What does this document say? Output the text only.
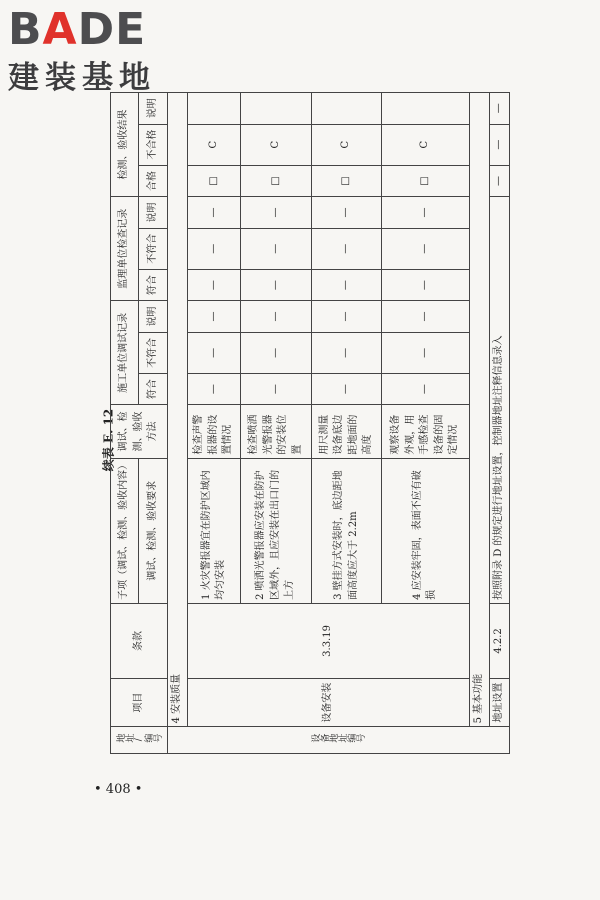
BADE
建装基地
续表 E. 12
地址/编号	项目	条款	子项（调试、检测、验收内容）	调试、检测、验收方法	施工单位调试记录			监理单位检查记录			检测、验收结果		
			调试、检测、验收要求		符合	不符合	说明	符合	不符合	说明	合格	不合格	说明

设备地址编号	4 安装质量												
	设备安装	3.3.19	1 火灾警报器宜在防护区域内均匀安装	检查声警报器的设置情况	—	—	—	—	—	—	□	C	
			2 喷洒光警报器应安装在防护区域外，且应安装在出口门的上方	检查喷洒光警报器的安装位置	—	—	—	—	—	—	□	C	
			3 壁挂方式安装时，底边距地面高度应大于 2.2m	用尺测量设备底边距地面的高度	—	—	—	—	—	—	□	C	
			4 应安装牢固，表面不应有破损	观察设备外观，用手感检查设备的固定情况	—	—	—	—	—	—	□	C	
	5 基本功能												
	地址设置	4.2.2	按照附录 D 的规定进行地址设置，控制器地址注释信息录入								—	—	—
• 408 •
